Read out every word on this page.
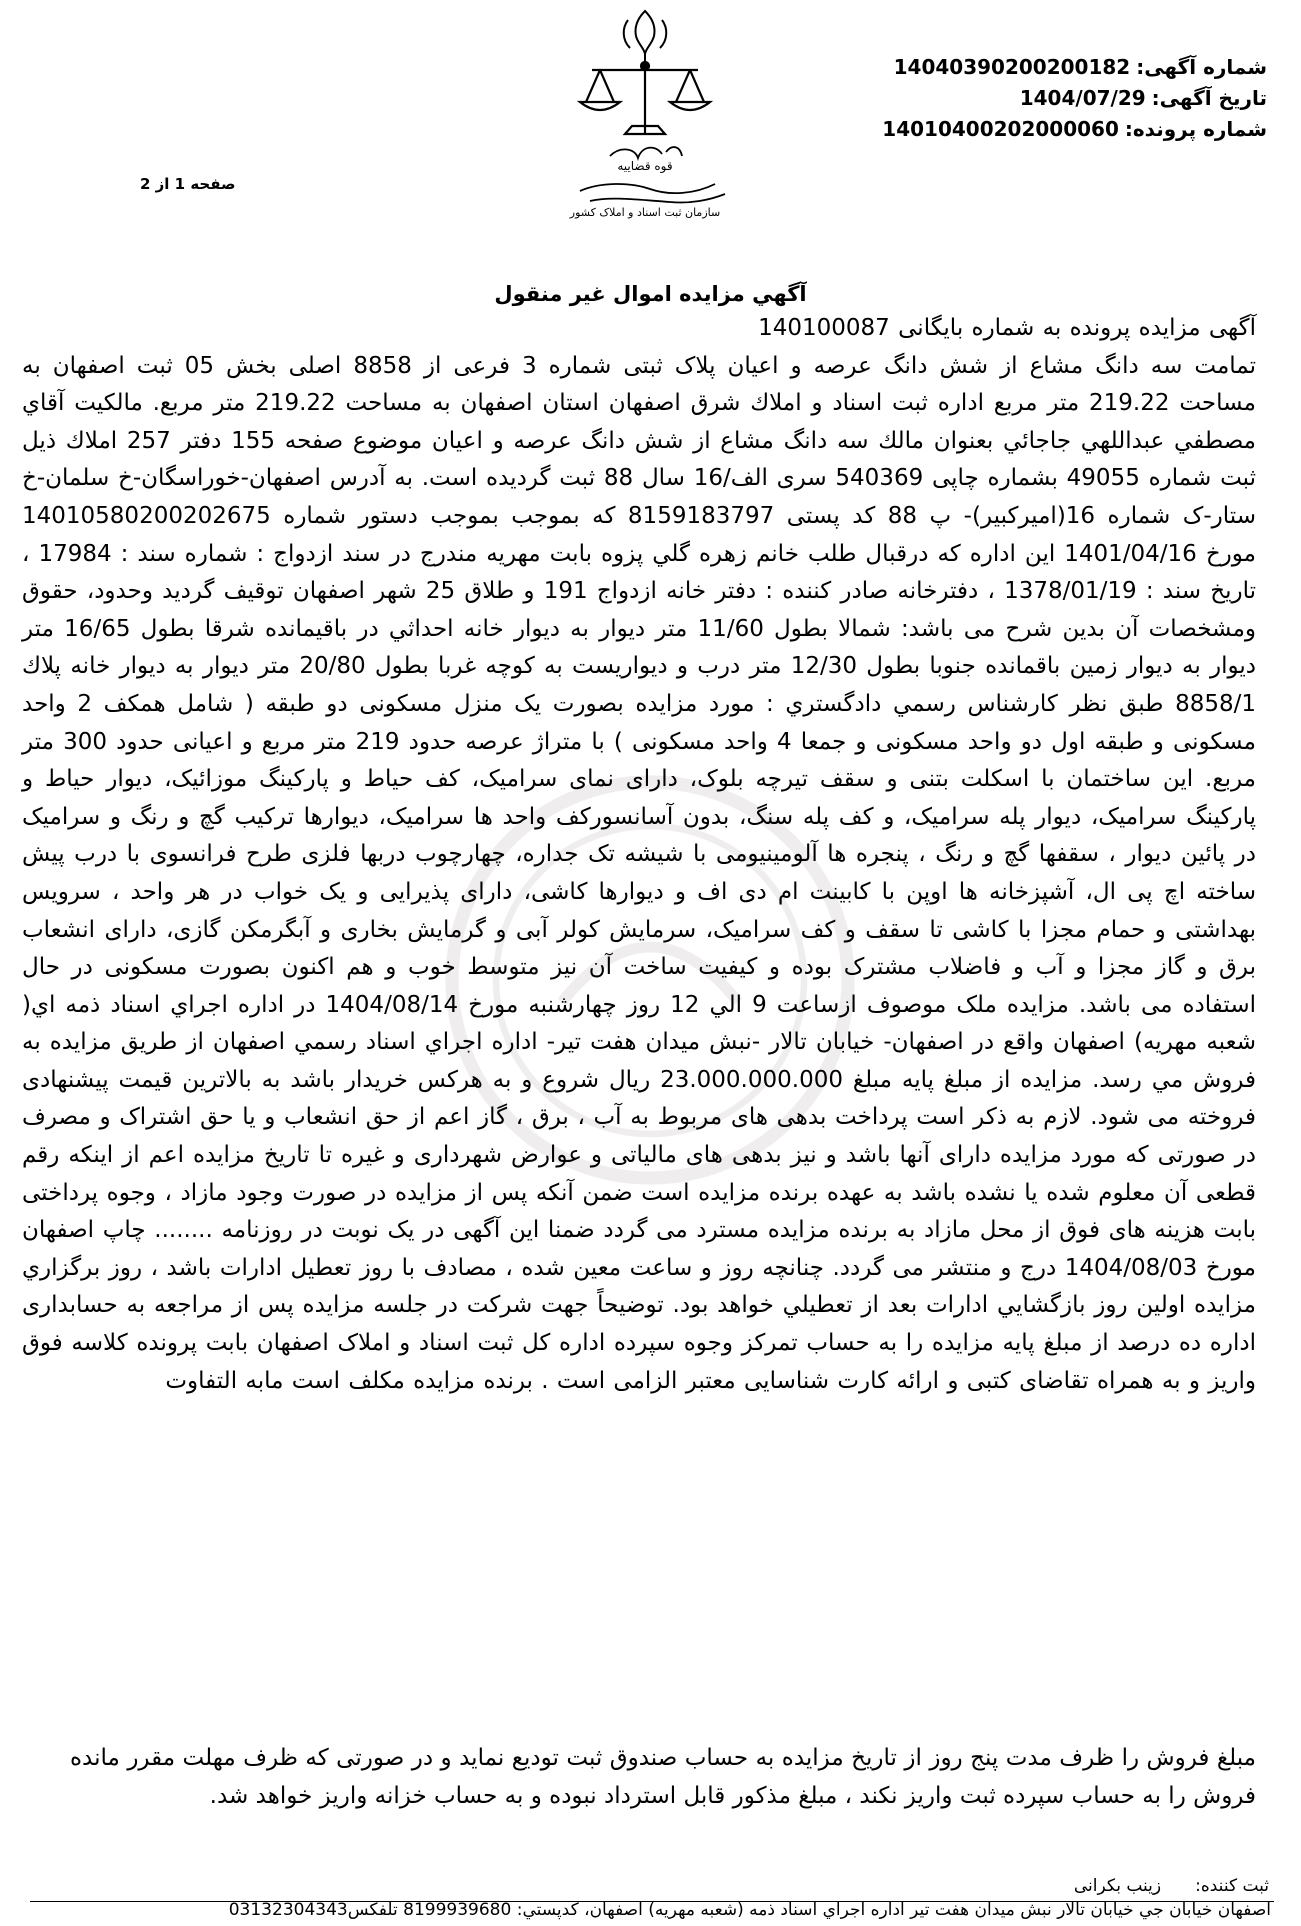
شماره آگهی:
14040390200200182
تاریخ آگهی:
1404/07/29
شماره پرونده:
14010400202000060
قوه قضاییه
سازمان ثبت اسناد و املاک کشور
صفحه 1 از 2
آگهي مزايده اموال غير منقول

آگهی مزایده پرونده به شماره بایگانی 140100087

تمامت سه دانگ مشاع از شش دانگ عرصه و اعیان پلاک ثبتی شماره 3 فرعی از 8858 اصلی بخش 05 ثبت اصفهان به مساحت 219.22 متر مربع اداره ثبت اسناد و املاك شرق اصفهان استان اصفهان به مساحت 219.22 متر مربع. مالكيت آقاي مصطفي عبداللهي جاجائي بعنوان مالك سه دانگ مشاع از شش دانگ عرصه و اعيان موضوع صفحه 155 دفتر 257 املاك ذيل ثبت شماره 49055 بشماره چاپی 540369 سری الف/16 سال 88 ثبت گرديده است. به آدرس اصفهان-خوراسگان-خ سلمان-خ ستار-ک شماره 16(اميركبير)- پ 88 كد پستی 8159183797 كه بموجب بموجب دستور شماره 14010580200202675 مورخ 1401/04/16 اين اداره كه درقبال طلب خانم زهره گلي پزوه بابت مهريه مندرج در سند ازدواج : شماره سند : 17984 ، تاریخ سند : 1378/01/19 ، دفترخانه صادر كننده : دفتر خانه ازدواج 191 و طلاق 25 شهر اصفهان توقيف گرديد وحدود، حقوق ومشخصات آن بدين شرح می باشد: شمالا بطول 11/60 متر ديوار به ديوار خانه احداثي در باقيمانده شرقا بطول 16/65 متر ديوار به ديوار زمين باقمانده جنوبا بطول 12/30 متر درب و ديواريست به كوچه غربا بطول 20/80 متر ديوار به ديوار خانه پلاك 8858/1 طبق نظر كارشناس رسمي دادگستري : مورد مزایده بصورت یک منزل مسکونی دو طبقه ( شامل همکف 2 واحد مسکونی و طبقه اول دو واحد مسکونی و جمعا 4 واحد مسکونی ) با متراژ عرصه حدود 219 متر مربع و اعیانی حدود 300 متر مربع. این ساختمان با اسکلت بتنی و سقف تیرچه بلوک، دارای نمای سرامیک، کف حیاط و پارکینگ موزائیک، دیوار حیاط و پارکینگ سرامیک، دیوار پله سرامیک، و کف پله سنگ، بدون آسانسورکف واحد ها سرامیک، دیوارها ترکیب گچ و رنگ و سرامیک در پائین دیوار ، سقفها گچ و رنگ ، پنجره ها آلومینیومی با شیشه تک جداره، چهارچوب دربها فلزی طرح فرانسوی با درب پیش ساخته اچ پی ال، آشپزخانه ها اوپن با کابینت ام دی اف و دیوارها کاشی، دارای پذیرایی و یک خواب در هر واحد ، سرویس بهداشتی و حمام مجزا با کاشی تا سقف و کف سرامیک، سرمایش کولر آبی و گرمایش بخاری و آبگرمکن گازی، دارای انشعاب برق و گاز مجزا و آب و فاضلاب مشترک بوده و کیفیت ساخت آن نیز متوسط خوب و هم اکنون بصورت مسکونی در حال استفاده می باشد. مزایده ملک موصوف ازساعت 9 الي 12 روز چهارشنبه مورخ 1404/08/14 در اداره اجراي اسناد ذمه اي( شعبه مهريه) اصفهان واقع در اصفهان- خيابان تالار -نبش ميدان هفت تير- اداره اجراي اسناد رسمي اصفهان از طريق مزايده به فروش مي رسد. مزایده از مبلغ پایه مبلغ 23.000.000.000 ریال شروع و به هرکس خریدار باشد به بالاترین قیمت پیشنهادی فروخته می شود. لازم به ذکر است پرداخت بدهی های مربوط به آب ، برق ، گاز اعم از حق انشعاب و یا حق اشتراک و مصرف در صورتی که مورد مزایده دارای آنها باشد و نیز بدهی های مالیاتی و عوارض شهرداری و غیره تا تاریخ مزایده اعم از اینکه رقم قطعی آن معلوم شده یا نشده باشد به عهده برنده مزایده است ضمن آنکه پس از مزایده در صورت وجود مازاد ، وجوه پرداختی بابت هزینه های فوق از محل مازاد به برنده مزایده مسترد می گردد ضمنا این آگهی در یک نوبت در روزنامه ........ چاپ اصفهان مورخ 1404/08/03 درج و منتشر می گردد. چنانچه روز و ساعت معین شده ، مصادف با روز تعطیل ادارات باشد ، روز برگزاري مزايده اولين روز بازگشايي ادارات بعد از تعطيلي خواهد بود. توضیحاً جهت شرکت در جلسه مزایده پس از مراجعه به حسابداری اداره ده درصد از مبلغ پایه مزایده را به حساب تمرکز وجوه سپرده اداره کل ثبت اسناد و املاک اصفهان بابت پرونده کلاسه فوق واریز و به همراه تقاضای کتبی و ارائه کارت شناسایی معتبر الزامی است . برنده مزایده مکلف است مابه التفاوت

مبلغ فروش را ظرف مدت پنج روز از تاریخ مزایده به حساب صندوق ثبت تودیع نماید و در صورتی که ظرف مهلت مقرر مانده فروش را به حساب سپرده ثبت واریز نکند ، مبلغ مذکور قابل استرداد نبوده و به حساب خزانه واریز خواهد شد.
ثبت کننده:
زینب بکرانی
اصفهان خيابان جي خيابان تالار نبش ميدان هفت تير اداره اجراي اسناد ذمه (شعبه مهريه) اصفهان، کدپستي: 8199939680 تلفکس03132304343
